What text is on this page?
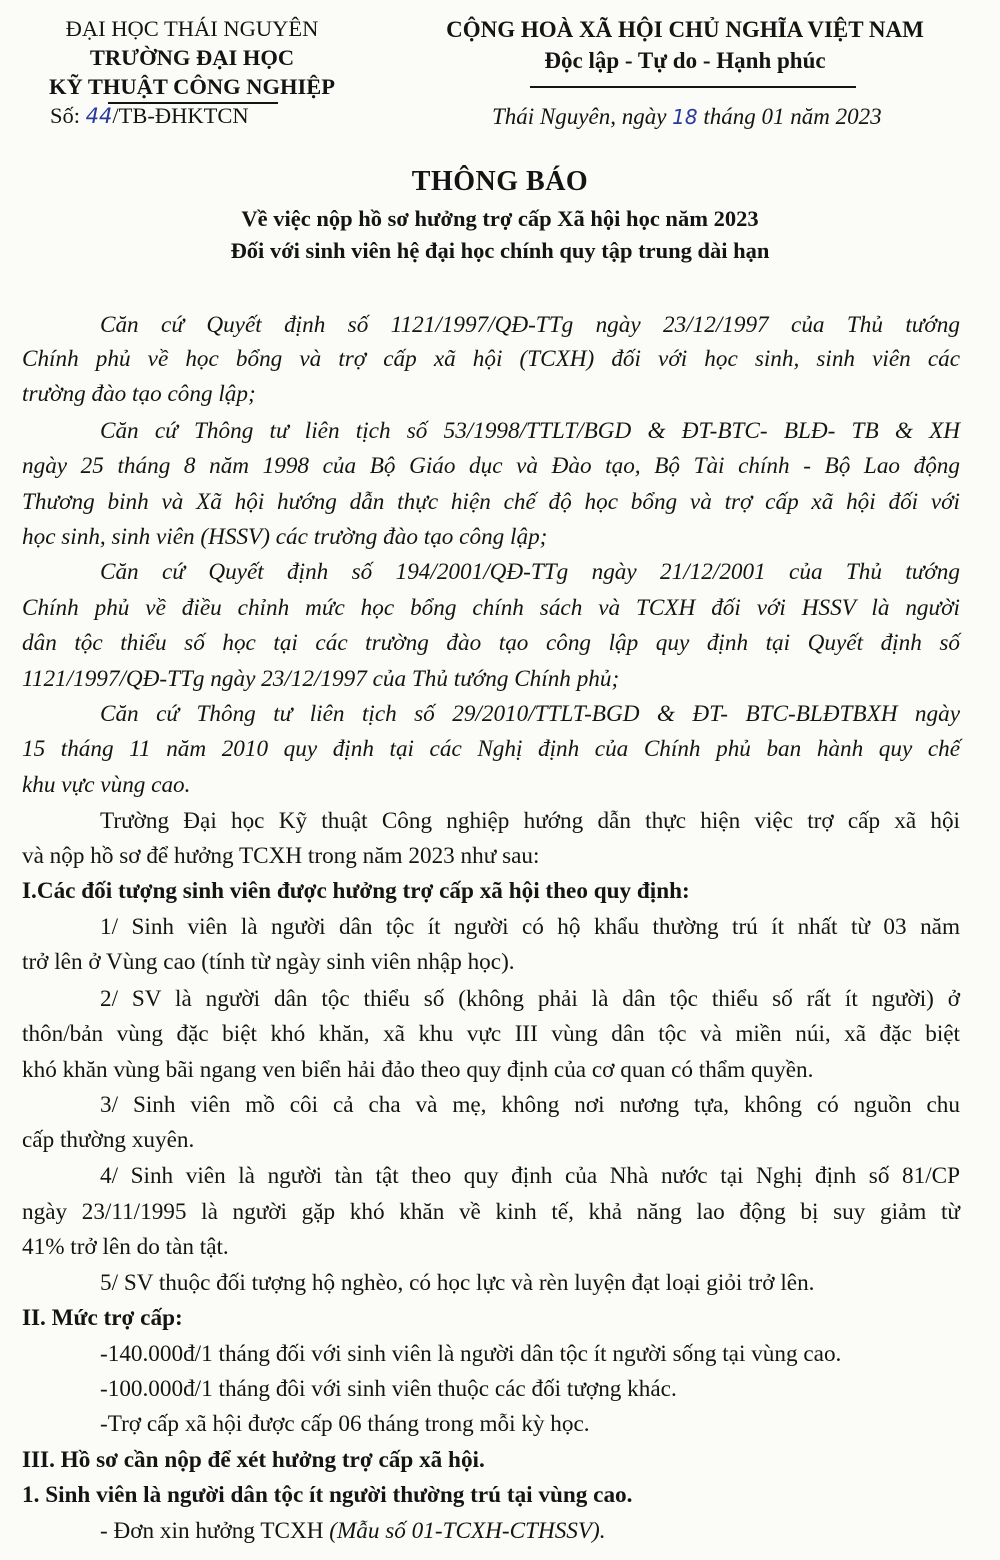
ĐẠI HỌC THÁI NGUYÊN
TRƯỜNG ĐẠI HỌC
KỸ THUẬT CÔNG NGHIỆP
Số: 44/TB-ĐHKTCN
CỘNG HOÀ XÃ HỘI CHỦ NGHĨA VIỆT NAM
Độc lập - Tự do - Hạnh phúc
Thái Nguyên, ngày 18 tháng 01 năm 2023
THÔNG BÁO
Về việc nộp hồ sơ hưởng trợ cấp Xã hội học năm 2023
Đối với sinh viên hệ đại học chính quy tập trung dài hạn
Căn cứ Quyết định số 1121/1997/QĐ-TTg ngày 23/12/1997 của Thủ tướng
Chính phủ về học bổng và trợ cấp xã hội (TCXH) đối với học sinh, sinh viên các
trường đào tạo công lập;
Căn cứ Thông tư liên tịch số 53/1998/TTLT/BGD & ĐT-BTC- BLĐ- TB & XH
ngày 25 tháng 8 năm 1998 của Bộ Giáo dục và Đào tạo, Bộ Tài chính - Bộ Lao động
Thương binh và Xã hội hướng dẫn thực hiện chế độ học bổng và trợ cấp xã hội đối với
học sinh, sinh viên (HSSV) các trường đào tạo công lập;
Căn cứ Quyết định số 194/2001/QĐ-TTg ngày 21/12/2001 của Thủ tướng
Chính phủ về điều chỉnh mức học bổng chính sách và TCXH đối với HSSV là người
dân tộc thiểu số học tại các trường đào tạo công lập quy định tại Quyết định số
1121/1997/QĐ-TTg ngày 23/12/1997 của Thủ tướng Chính phủ;
Căn cứ Thông tư liên tịch số 29/2010/TTLT-BGD & ĐT- BTC-BLĐTBXH ngày
15 tháng 11 năm 2010 quy định tại các Nghị định của Chính phủ ban hành quy chế
khu vực vùng cao.
Trường Đại học Kỹ thuật Công nghiệp hướng dẫn thực hiện việc trợ cấp xã hội
và nộp hồ sơ để hưởng TCXH trong năm 2023 như sau:
I.Các đối tượng sinh viên được hưởng trợ cấp xã hội theo quy định:
1/ Sinh viên là người dân tộc ít người có hộ khẩu thường trú ít nhất từ 03 năm
trở lên ở Vùng cao (tính từ ngày sinh viên nhập học).
2/ SV là người dân tộc thiểu số (không phải là dân tộc thiểu số rất ít người) ở
thôn/bản vùng đặc biệt khó khăn, xã khu vực III vùng dân tộc và miền núi, xã đặc biệt
khó khăn vùng bãi ngang ven biển hải đảo theo quy định của cơ quan có thẩm quyền.
3/ Sinh viên mồ côi cả cha và mẹ, không nơi nương tựa, không có nguồn chu
cấp thường xuyên.
4/ Sinh viên là người tàn tật theo quy định của Nhà nước tại Nghị định số 81/CP
ngày 23/11/1995 là người gặp khó khăn về kinh tế, khả năng lao động bị suy giảm từ
41% trở lên do tàn tật.
5/ SV thuộc đối tượng hộ nghèo, có học lực và rèn luyện đạt loại giỏi trở lên.
II. Mức trợ cấp:
-140.000đ/1 tháng đối với sinh viên là người dân tộc ít người sống tại vùng cao.
-100.000đ/1 tháng đôi với sinh viên thuộc các đối tượng khác.
-Trợ cấp xã hội được cấp 06 tháng trong mỗi kỳ học.
III. Hồ sơ cần nộp để xét hưởng trợ cấp xã hội.
1. Sinh viên là người dân tộc ít người thường trú tại vùng cao.
- Đơn xin hưởng TCXH (Mẫu số 01-TCXH-CTHSSV).
